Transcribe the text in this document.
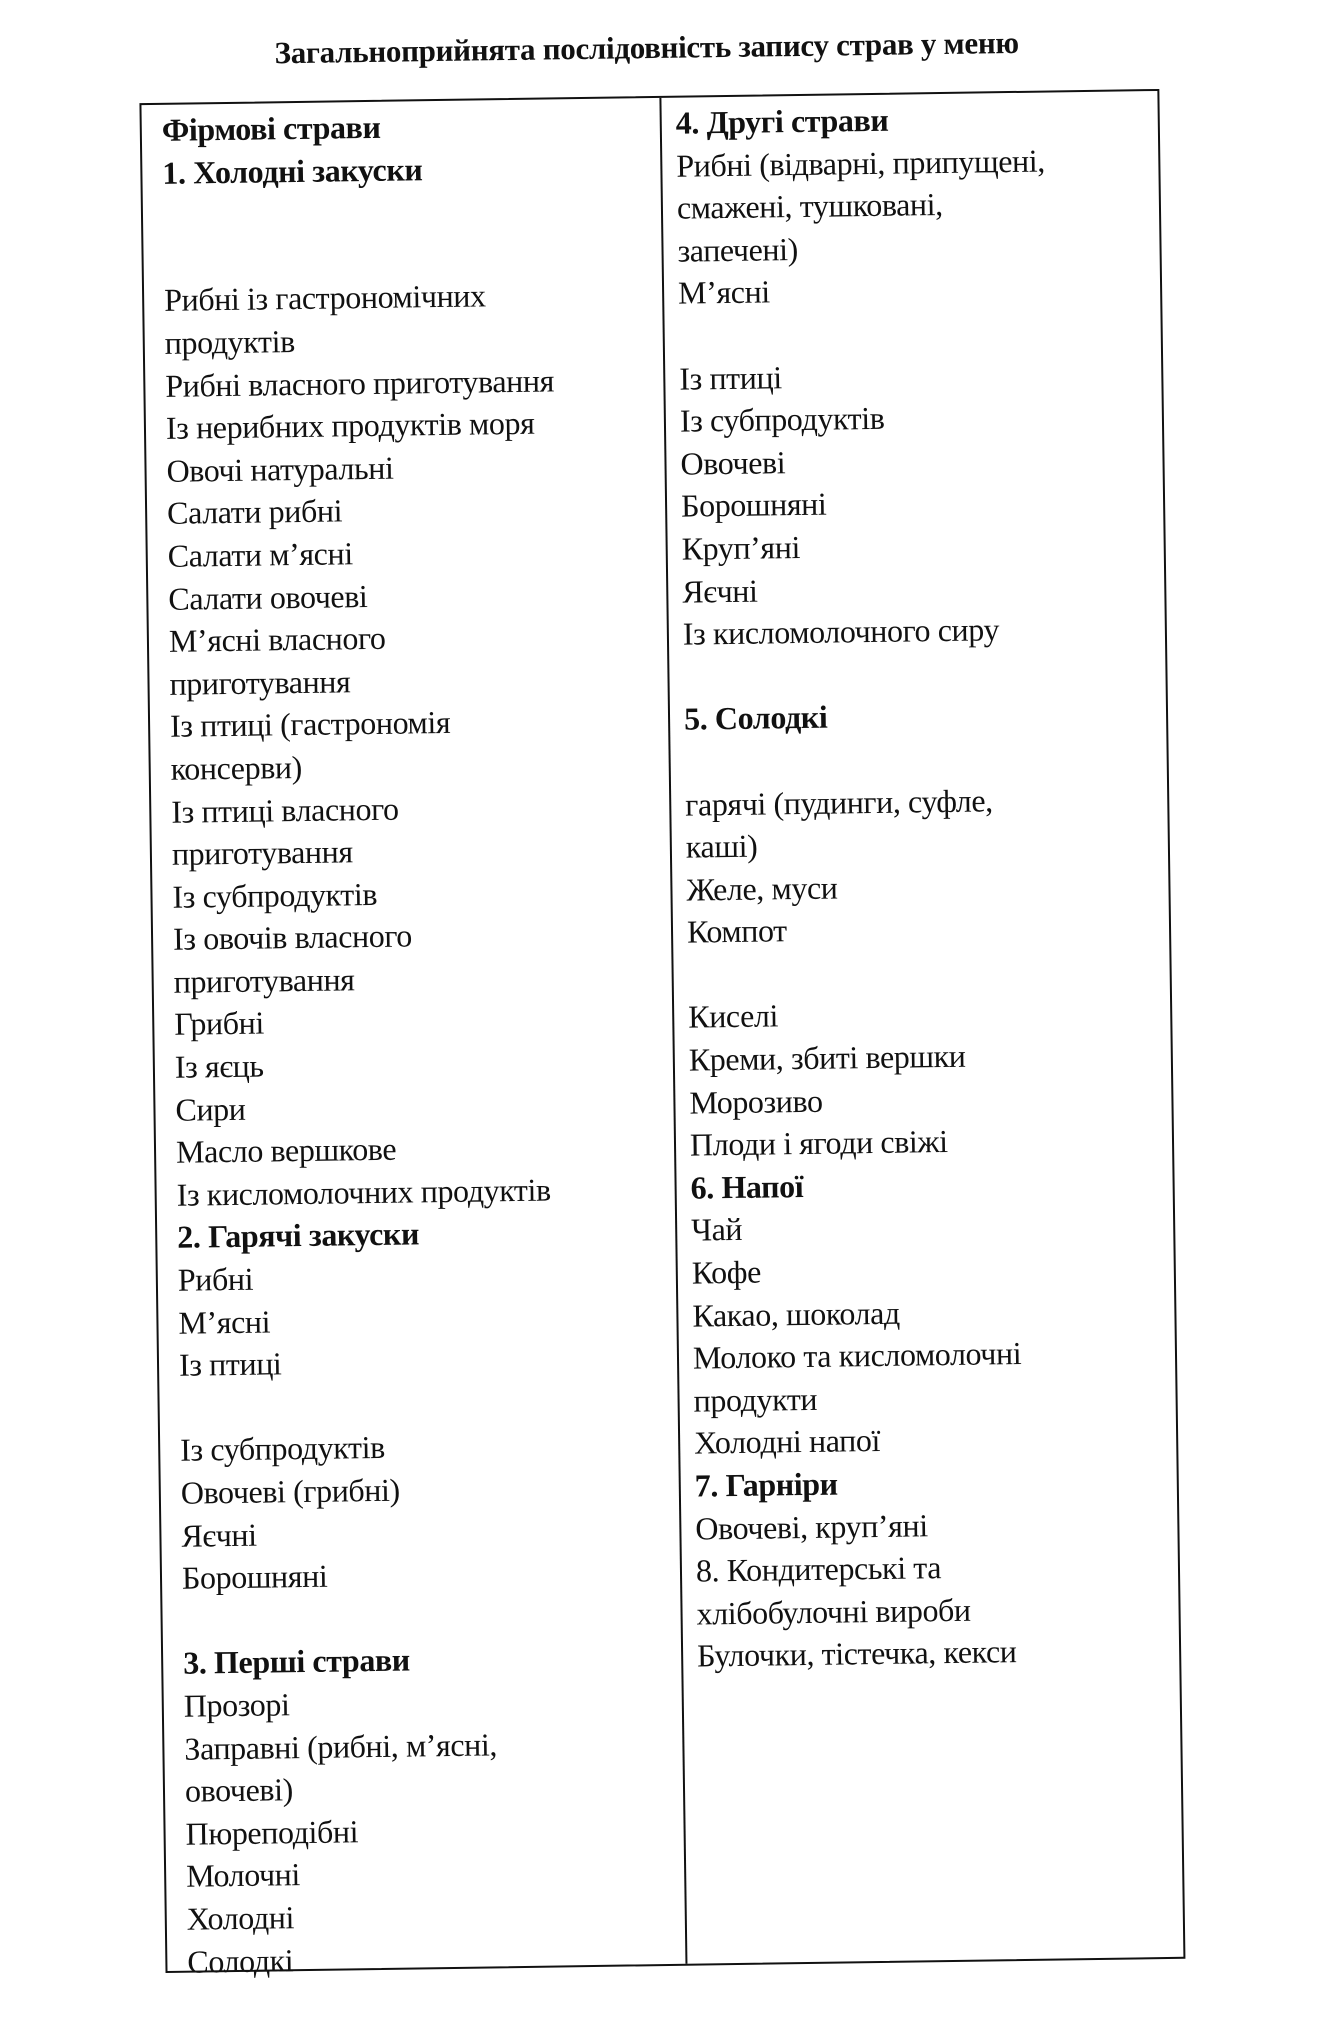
Загальноприйнята послідовність запису страв у меню
Фірмові страви
1. Холодні закуски
Рибні із гастрономічних
продуктів
Рибні власного приготування
Із нерибних продуктів моря
Овочі натуральні
Салати рибні
Салати м’ясні
Салати овочеві
М’ясні власного
приготування
Із птиці (гастрономія
консерви)
Із птиці власного
приготування
Із субпродуктів
Із овочів власного
приготування
Грибні
Із яєць
Сири
Масло вершкове
Із кисломолочних продуктів
2. Гарячі закуски
Рибні
М’ясні
Із птиці
Із субпродуктів
Овочеві (грибні)
Яєчні
Борошняні
3. Перші страви
Прозорі
Заправні (рибні, м’ясні,
овочеві)
Пюреподібні
Молочні
Холодні
Солодкі
4. Другі страви
Рибні (відварні, припущені,
смажені, тушковані,
запечені)
М’ясні
Із птиці
Із субпродуктів
Овочеві
Борошняні
Круп’яні
Яєчні
Із кисломолочного сиру
5. Солодкі
гарячі (пудинги, суфле,
каші)
Желе, муси
Компот
Киселі
Креми, збиті вершки
Морозиво
Плоди і ягоди свіжі
6. Напої
Чай
Кофе
Какао, шоколад
Молоко та кисломолочні
продукти
Холодні напої
7. Гарніри
Овочеві, круп’яні
8. Кондитерські та
хлібобулочні вироби
Булочки, тістечка, кекси
